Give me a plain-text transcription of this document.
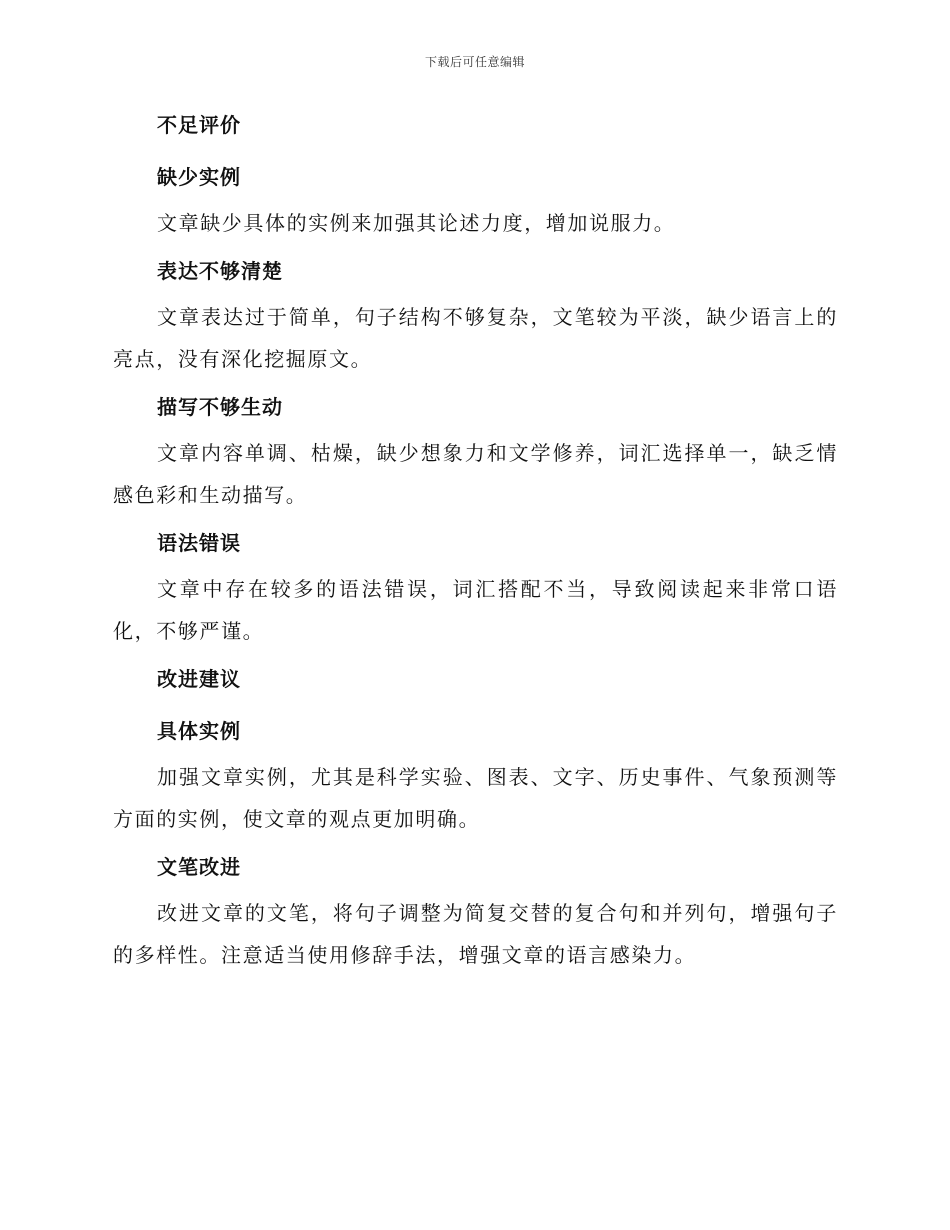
下载后可任意编辑
不足评价
缺少实例
文章缺少具体的实例来加强其论述力度，增加说服力。
表达不够清楚
文章表达过于简单，句子结构不够复杂，文笔较为平淡，缺少语言上的亮点，没有深化挖掘原文。
描写不够生动
文章内容单调、枯燥，缺少想象力和文学修养，词汇选择单一，缺乏情感色彩和生动描写。
语法错误
文章中存在较多的语法错误，词汇搭配不当，导致阅读起来非常口语化，不够严谨。
改进建议
具体实例
加强文章实例，尤其是科学实验、图表、文字、历史事件、气象预测等方面的实例，使文章的观点更加明确。
文笔改进
改进文章的文笔，将句子调整为简复交替的复合句和并列句，增强句子的多样性。注意适当使用修辞手法，增强文章的语言感染力。
